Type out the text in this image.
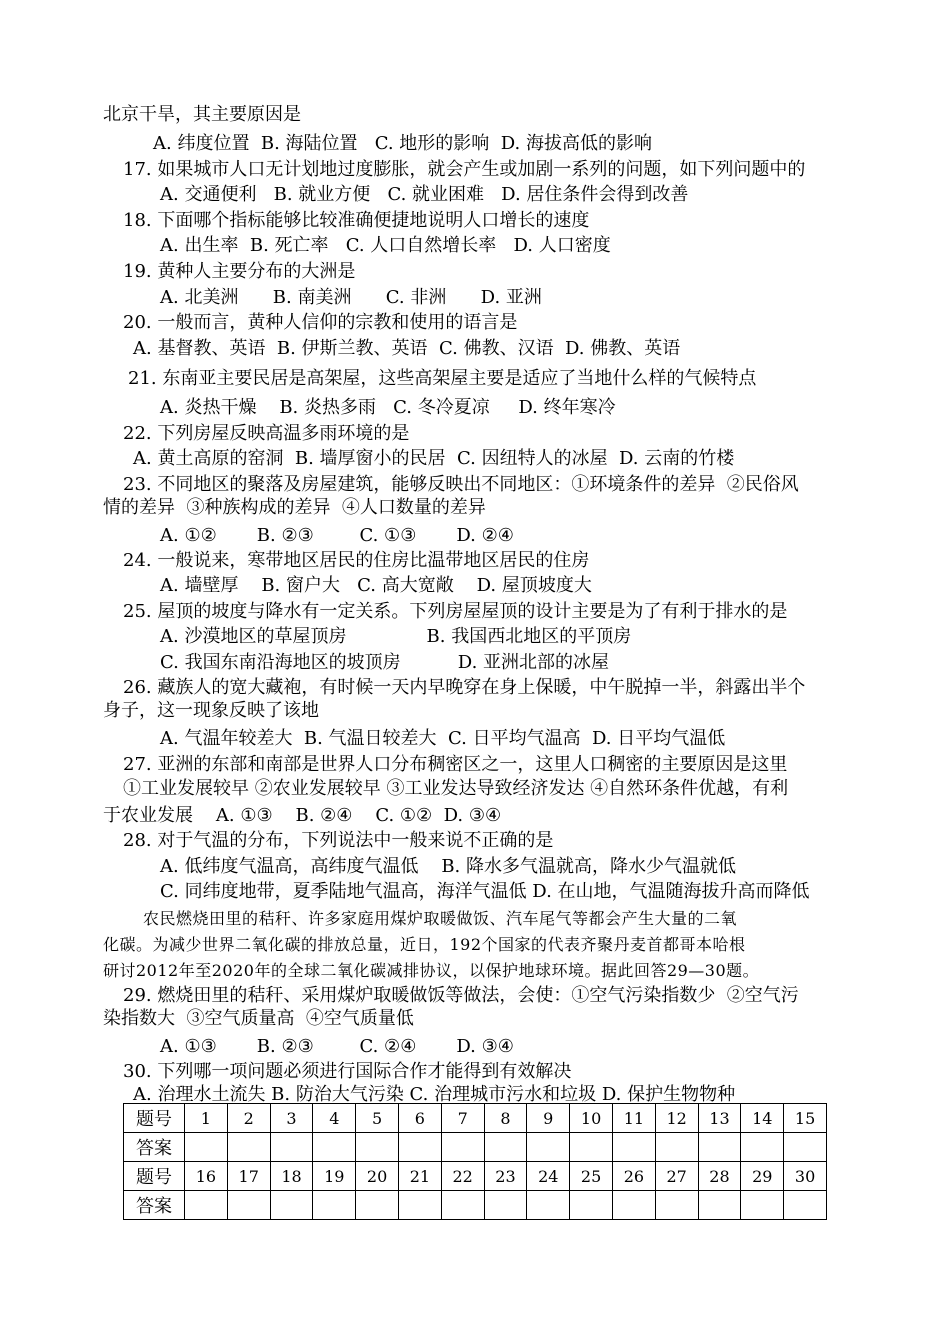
北京干旱，其主要原因是
A. 纬度位置  B. 海陆位置   C. 地形的影响  D. 海拔高低的影响
17. 如果城市人口无计划地过度膨胀，就会产生或加剧一系列的问题，如下列问题中的
A. 交通便利   B. 就业方便   C. 就业困难   D. 居住条件会得到改善
18. 下面哪个指标能够比较准确便捷地说明人口增长的速度
A. 出生率  B. 死亡率   C. 人口自然增长率   D. 人口密度
19. 黄种人主要分布的大洲是
A. 北美洲      B. 南美洲      C. 非洲      D. 亚洲
20. 一般而言，黄种人信仰的宗教和使用的语言是
A. 基督教、英语  B. 伊斯兰教、英语  C. 佛教、汉语  D. 佛教、英语
21. 东南亚主要民居是高架屋，这些高架屋主要是适应了当地什么样的气候特点
A. 炎热干燥    B. 炎热多雨   C. 冬冷夏凉     D. 终年寒冷
22. 下列房屋反映高温多雨环境的是
A. 黄土高原的窑洞  B. 墙厚窗小的民居  C. 因纽特人的冰屋  D. 云南的竹楼
23. 不同地区的聚落及房屋建筑，能够反映出不同地区：①环境条件的差异  ②民俗风
情的差异  ③种族构成的差异  ④人口数量的差异
A. ①②       B. ②③        C. ①③       D. ②④
24. 一般说来，寒带地区居民的住房比温带地区居民的住房
A. 墙壁厚    B. 窗户大   C. 高大宽敞    D. 屋顶坡度大
25. 屋顶的坡度与降水有一定关系。下列房屋屋顶的设计主要是为了有利于排水的是
A. 沙漠地区的草屋顶房              B. 我国西北地区的平顶房
C. 我国东南沿海地区的坡顶房          D. 亚洲北部的冰屋
26. 藏族人的宽大藏袍，有时候一天内早晚穿在身上保暖，中午脱掉一半，斜露出半个
身子，这一现象反映了该地
A. 气温年较差大  B. 气温日较差大  C. 日平均气温高  D. 日平均气温低
27. 亚洲的东部和南部是世界人口分布稠密区之一，这里人口稠密的主要原因是这里
①工业发展较早 ②农业发展较早 ③工业发达导致经济发达 ④自然环条件优越，有利
于农业发展    A. ①③    B. ②④    C. ①②  D. ③④
28. 对于气温的分布，下列说法中一般来说不正确的是
A. 低纬度气温高，高纬度气温低    B. 降水多气温就高，降水少气温就低
C. 同纬度地带，夏季陆地气温高，海洋气温低 D. 在山地，气温随海拔升高而降低
农民燃烧田里的秸秆、许多家庭用煤炉取暖做饭、汽车尾气等都会产生大量的二氧
化碳。为减少世界二氧化碳的排放总量，近日，192个国家的代表齐聚丹麦首都哥本哈根
研讨2012年至2020年的全球二氧化碳减排协议，以保护地球环境。据此回答29—30题。
29. 燃烧田里的秸秆、采用煤炉取暖做饭等做法，会使：①空气污染指数少  ②空气污
染指数大  ③空气质量高  ④空气质量低
A. ①③       B. ②③        C. ②④       D. ③④
30. 下列哪一项问题必须进行国际合作才能得到有效解决
A. 治理水土流失 B. 防治大气污染 C. 治理城市污水和垃圾 D. 保护生物物种
题号	1	2	3	4	5	6	7	8	9	10	11	12	13	14	15
答案															
题号	16	17	18	19	20	21	22	23	24	25	26	27	28	29	30
答案															
